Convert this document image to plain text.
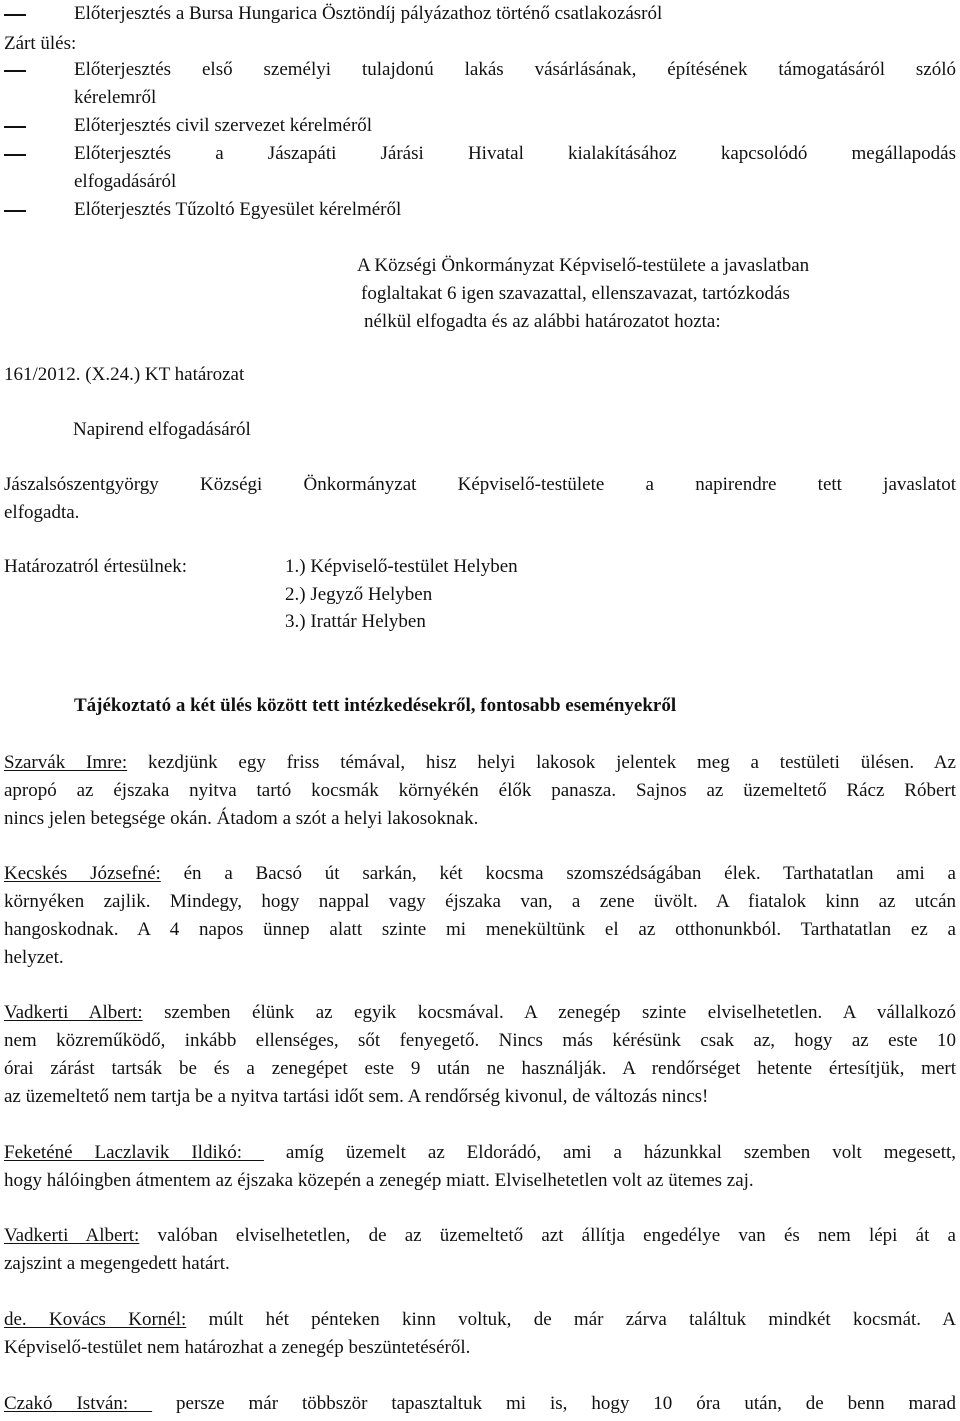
Előterjesztés a Bursa Hungarica Ösztöndíj pályázathoz történő csatlakozásról
Zárt ülés:
Előterjesztés első személyi tulajdonú lakás vásárlásának, építésének támogatásáról szóló
kérelemről
Előterjesztés civil szervezet kérelméről
Előterjesztés a Jászapáti Járási Hivatal kialakításához kapcsolódó megállapodás
elfogadásáról
Előterjesztés Tűzoltó Egyesület kérelméről
A Községi Önkormányzat Képviselő-testülete a javaslatban
foglaltakat 6 igen szavazattal, ellenszavazat, tartózkodás
nélkül elfogadta és az alábbi határozatot hozta:
161/2012. (X.24.) KT határozat
Napirend elfogadásáról
Jászalsószentgyörgy Községi Önkormányzat Képviselő-testülete a napirendre tett javaslatot
elfogadta.
Határozatról értesülnek:	1.) Képviselő-testület Helyben
2.) Jegyző Helyben
3.) Irattár Helyben
Tájékoztató a két ülés között tett intézkedésekről, fontosabb eseményekről
Szarvák Imre: kezdjünk egy friss témával, hisz helyi lakosok jelentek meg a testületi ülésen. Az
apropó az éjszaka nyitva tartó kocsmák környékén élők panasza. Sajnos az üzemeltető Rácz Róbert
nincs jelen betegsége okán. Átadom a szót a helyi lakosoknak.
Kecskés Józsefné: én a Bacsó út sarkán, két kocsma szomszédságában élek. Tarthatatlan ami a
környéken zajlik. Mindegy, hogy nappal vagy éjszaka van, a zene üvölt. A fiatalok kinn az utcán
hangoskodnak. A 4 napos ünnep alatt szinte mi menekültünk el az otthonunkból. Tarthatatlan ez a
helyzet.
Vadkerti Albert: szemben élünk az egyik kocsmával. A zenegép szinte elviselhetetlen. A vállalkozó
nem közreműködő, inkább ellenséges, sőt fenyegető. Nincs más kérésünk csak az, hogy az este 10
órai zárást tartsák be és a zenegépet este 9 után ne használják. A rendőrséget hetente értesítjük, mert
az üzemeltető nem tartja be a nyitva tartási időt sem. A rendőrség kivonul, de változás nincs!
Feketéné Laczlavik Ildikó:  amíg üzemelt az Eldorádó, ami a házunkkal szemben volt megesett,
hogy hálóingben átmentem az éjszaka közepén a zenegép miatt. Elviselhetetlen volt az ütemes zaj.
Vadkerti Albert: valóban elviselhetetlen, de az üzemeltető azt állítja engedélye van és nem lépi át a
zajszint a megengedett határt.
de. Kovács Kornél: múlt hét pénteken kinn voltuk, de már zárva találtuk mindkét kocsmát. A
Képviselő-testület nem határozhat a zenegép beszüntetéséről.
Czakó István:  persze már többször tapasztaltuk mi is, hogy 10 óra után, de benn marad
